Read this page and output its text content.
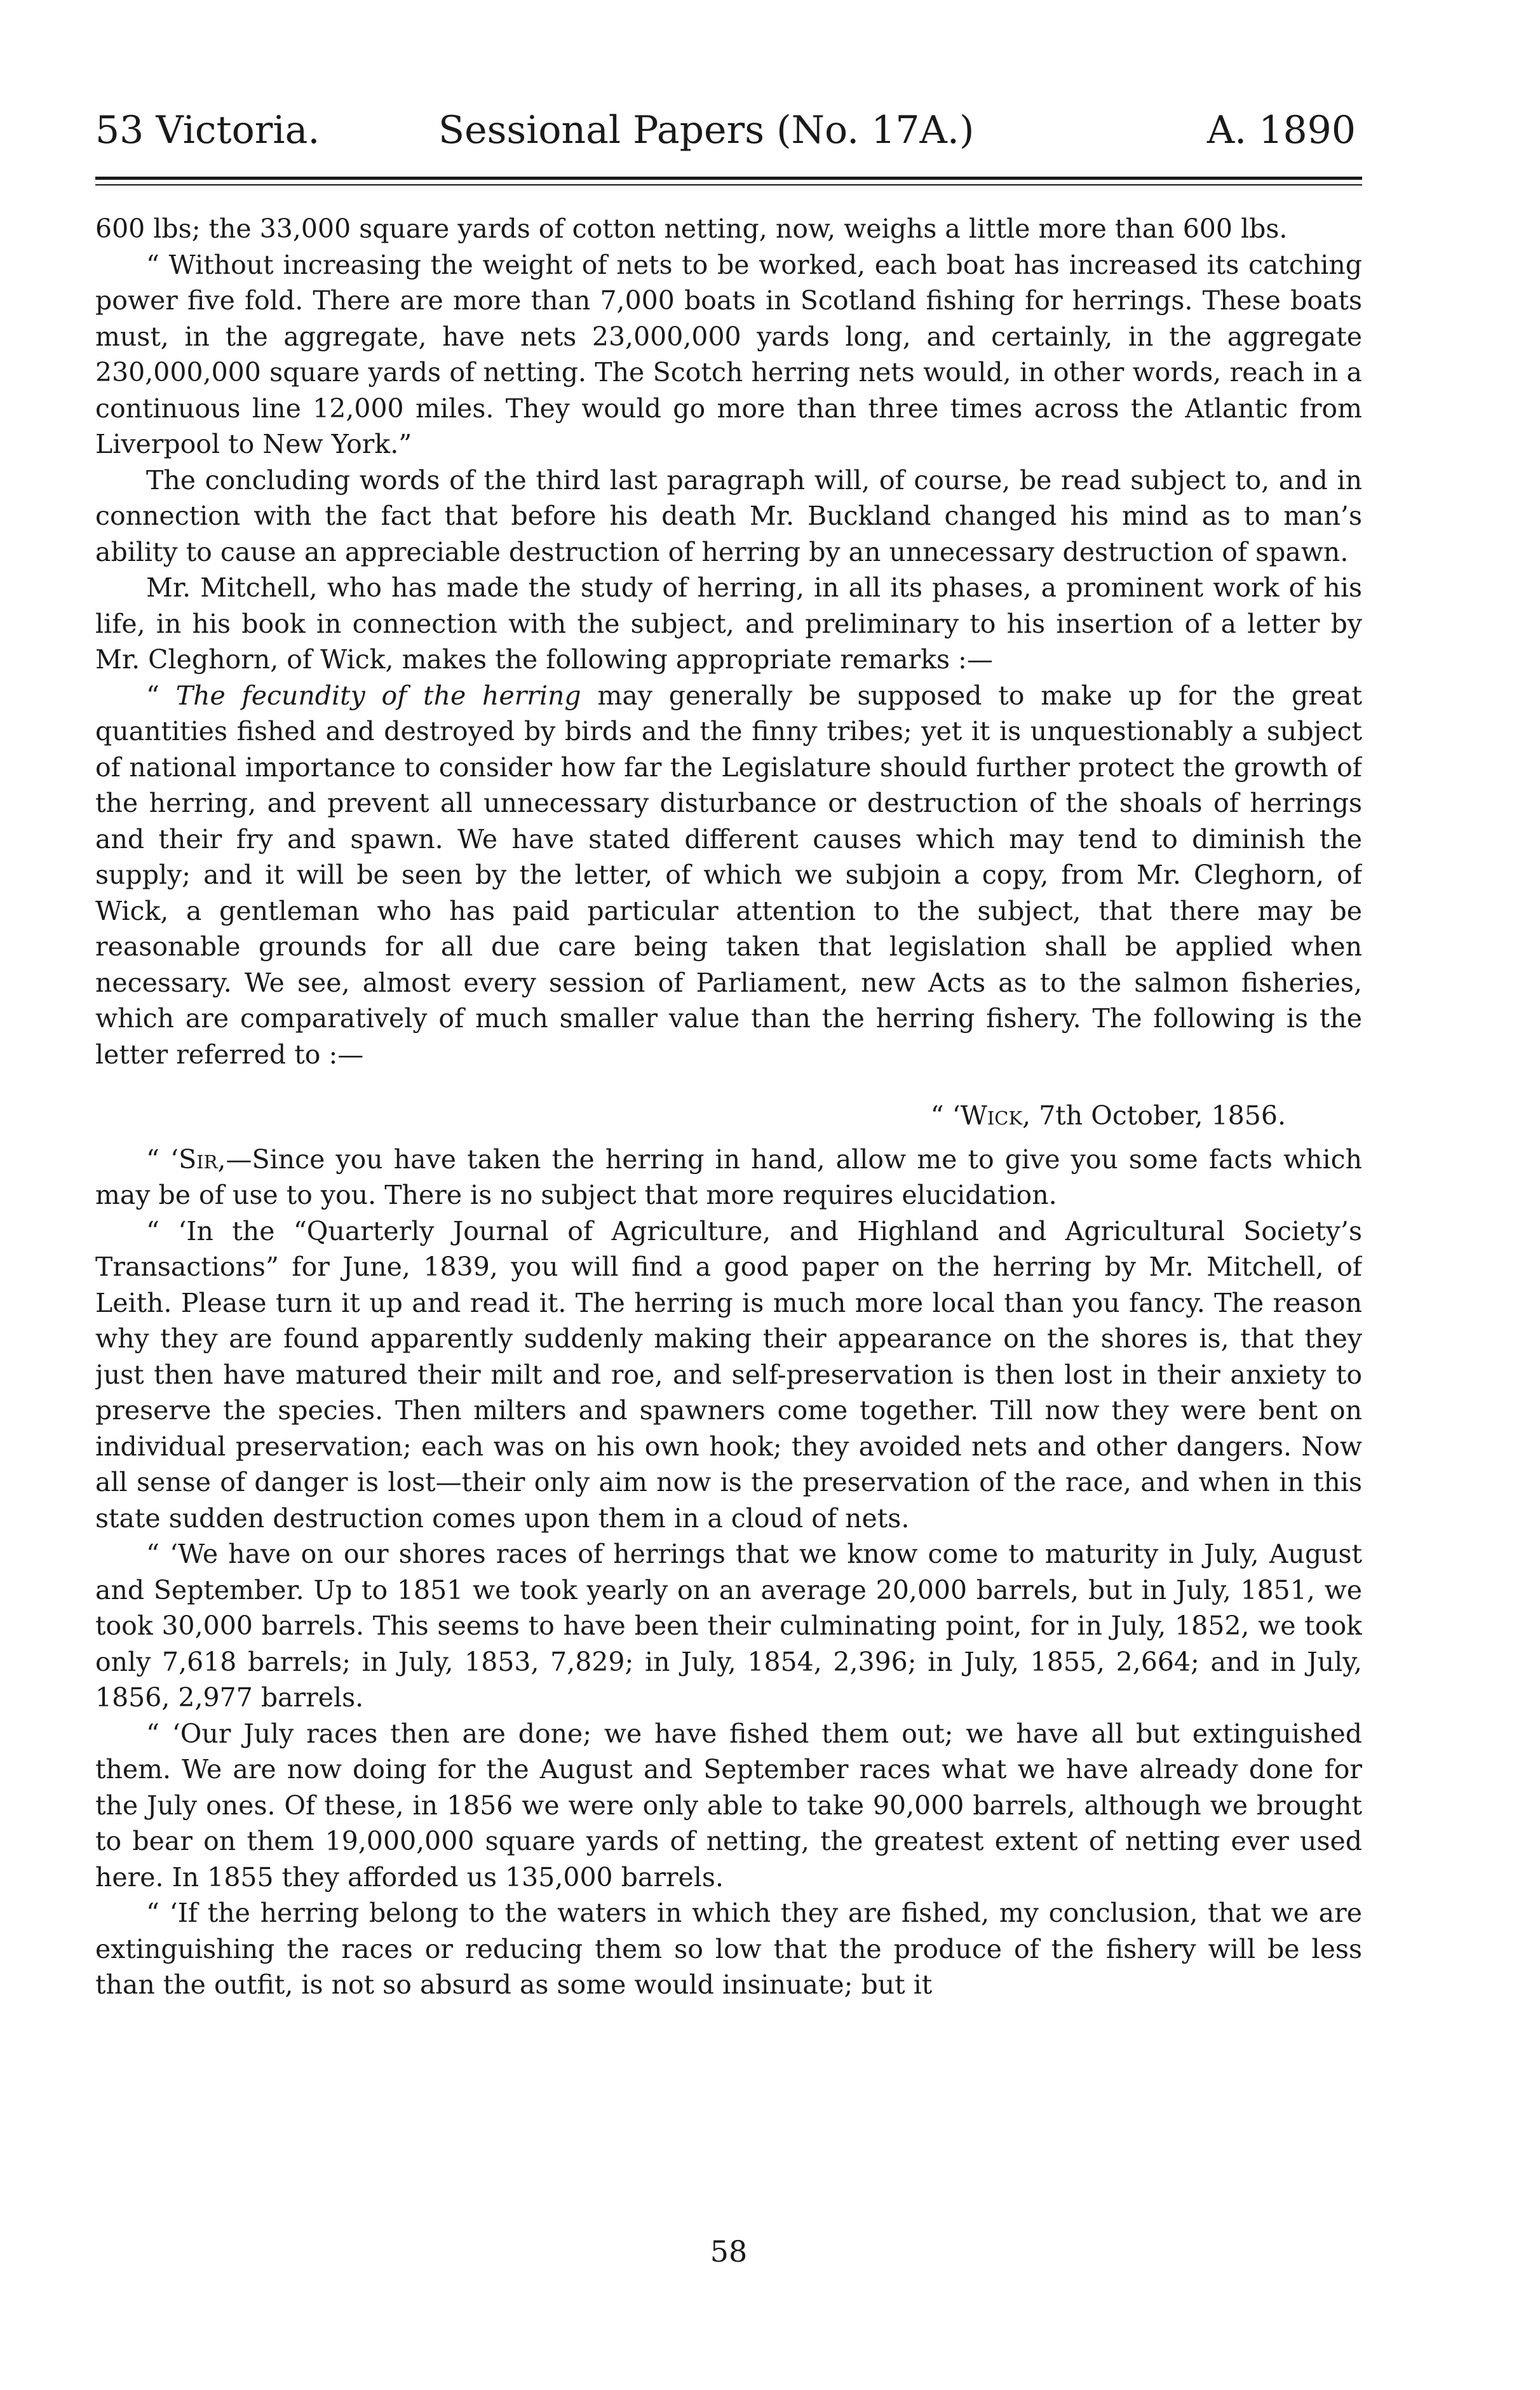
53 Victoria.	Sessional Papers (No. 17A.)	A. 1890

600 lbs; the 33,000 square yards of cotton netting, now, weighs a little more than 600 lbs.

“ Without increasing the weight of nets to be worked, each boat has increased its catching power five fold. There are more than 7,000 boats in Scotland fishing for herrings. These boats must, in the aggregate, have nets 23,000,000 yards long, and certainly, in the aggregate 230,000,000 square yards of netting. The Scotch herring nets would, in other words, reach in a continuous line 12,000 miles. They would go more than three times across the Atlantic from Liverpool to New York.”

The concluding words of the third last paragraph will, of course, be read subject to, and in connection with the fact that before his death Mr. Buckland changed his mind as to man’s ability to cause an appreciable destruction of herring by an unnecessary destruction of spawn.

Mr. Mitchell, who has made the study of herring, in all its phases, a prominent work of his life, in his book in connection with the subject, and preliminary to his insertion of a letter by Mr. Cleghorn, of Wick, makes the following appropriate remarks :—

“ The fecundity of the herring may generally be supposed to make up for the great quantities fished and destroyed by birds and the finny tribes; yet it is unquestionably a subject of national importance to consider how far the Legislature should further protect the growth of the herring, and prevent all unnecessary disturbance or destruction of the shoals of herrings and their fry and spawn. We have stated different causes which may tend to diminish the supply; and it will be seen by the letter, of which we subjoin a copy, from Mr. Cleghorn, of Wick, a gentleman who has paid particular attention to the subject, that there may be reasonable grounds for all due care being taken that legislation shall be applied when necessary. We see, almost every session of Parliament, new Acts as to the salmon fisheries, which are comparatively of much smaller value than the herring fishery. The following is the letter referred to :—

“ ‘Wick, 7th October, 1856.

“ ‘Sir,—Since you have taken the herring in hand, allow me to give you some facts which may be of use to you. There is no subject that more requires elucidation.

“ ‘In the “Quarterly Journal of Agriculture, and Highland and Agricultural Society’s Transactions” for June, 1839, you will find a good paper on the herring by Mr. Mitchell, of Leith. Please turn it up and read it. The herring is much more local than you fancy. The reason why they are found apparently suddenly making their appearance on the shores is, that they just then have matured their milt and roe, and self-preservation is then lost in their anxiety to preserve the species. Then milters and spawners come together. Till now they were bent on individual preservation; each was on his own hook; they avoided nets and other dangers. Now all sense of danger is lost—their only aim now is the preservation of the race, and when in this state sudden destruction comes upon them in a cloud of nets.

“ ‘We have on our shores races of herrings that we know come to maturity in July, August and September. Up to 1851 we took yearly on an average 20,000 barrels, but in July, 1851, we took 30,000 barrels. This seems to have been their culminating point, for in July, 1852, we took only 7,618 barrels; in July, 1853, 7,829; in July, 1854, 2,396; in July, 1855, 2,664; and in July, 1856, 2,977 barrels.

“ ‘Our July races then are done; we have fished them out; we have all but extinguished them. We are now doing for the August and September races what we have already done for the July ones. Of these, in 1856 we were only able to take 90,000 barrels, although we brought to bear on them 19,000,000 square yards of netting, the greatest extent of netting ever used here. In 1855 they afforded us 135,000 barrels.

“ ‘If the herring belong to the waters in which they are fished, my conclusion, that we are extinguishing the races or reducing them so low that the produce of the fishery will be less than the outfit, is not so absurd as some would insinuate; but it

58
